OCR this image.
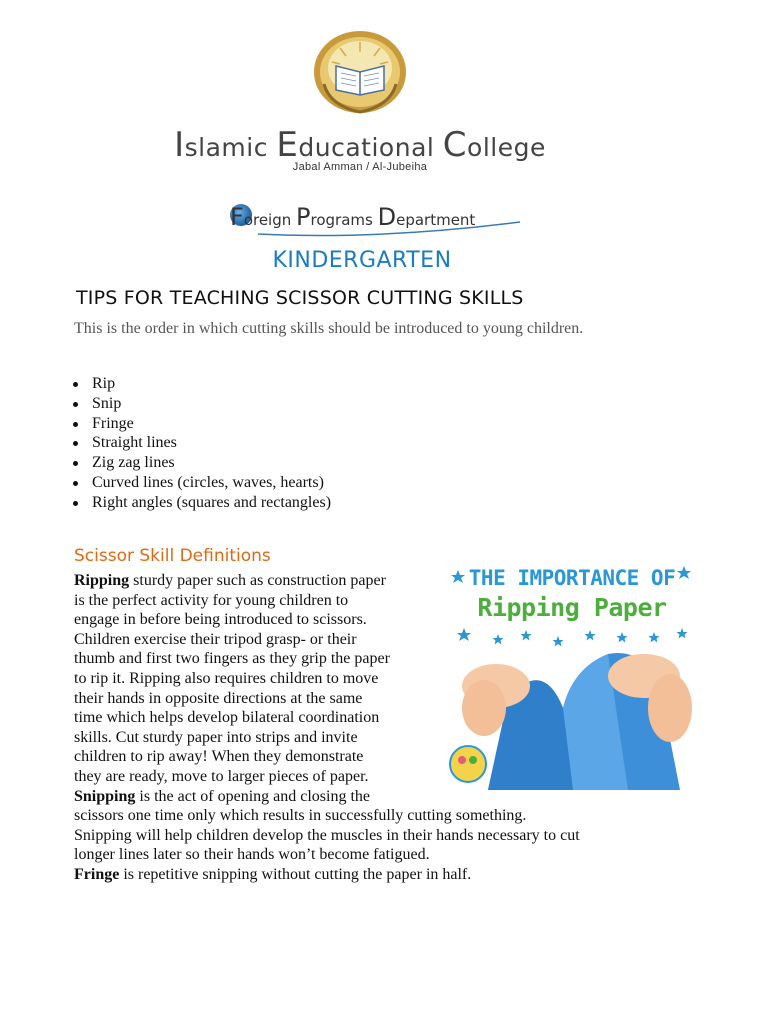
Islamic Educational College
Jabal Amman / Al-Jubeiha
Foreign Programs Department
KINDERGARTEN
TIPS FOR TEACHING SCISSOR CUTTING SKILLS
This is the order in which cutting skills should be introduced to young children.
Rip
Snip
Fringe
Straight lines
Zig zag lines
Curved lines (circles, waves, hearts)
Right angles (squares and rectangles)
Scissor Skill Definitions
Ripping sturdy paper such as construction paper
is the perfect activity for young children to
engage in before being introduced to scissors.
Children exercise their tripod grasp- or their
thumb and first two fingers as they grip the paper
to rip it. Ripping also requires children to move
their hands in opposite directions at the same
time which helps develop bilateral coordination
skills. Cut sturdy paper into strips and invite
children to rip away! When they demonstrate
they are ready, move to larger pieces of paper.
Snipping is the act of opening and closing the
scissors one time only which results in successfully cutting something.
Snipping will help children develop the muscles in their hands necessary to cut
longer lines later so their hands won’t become fatigued.
Fringe is repetitive snipping without cutting the paper in half.
THE IMPORTANCE OF
Ripping Paper
